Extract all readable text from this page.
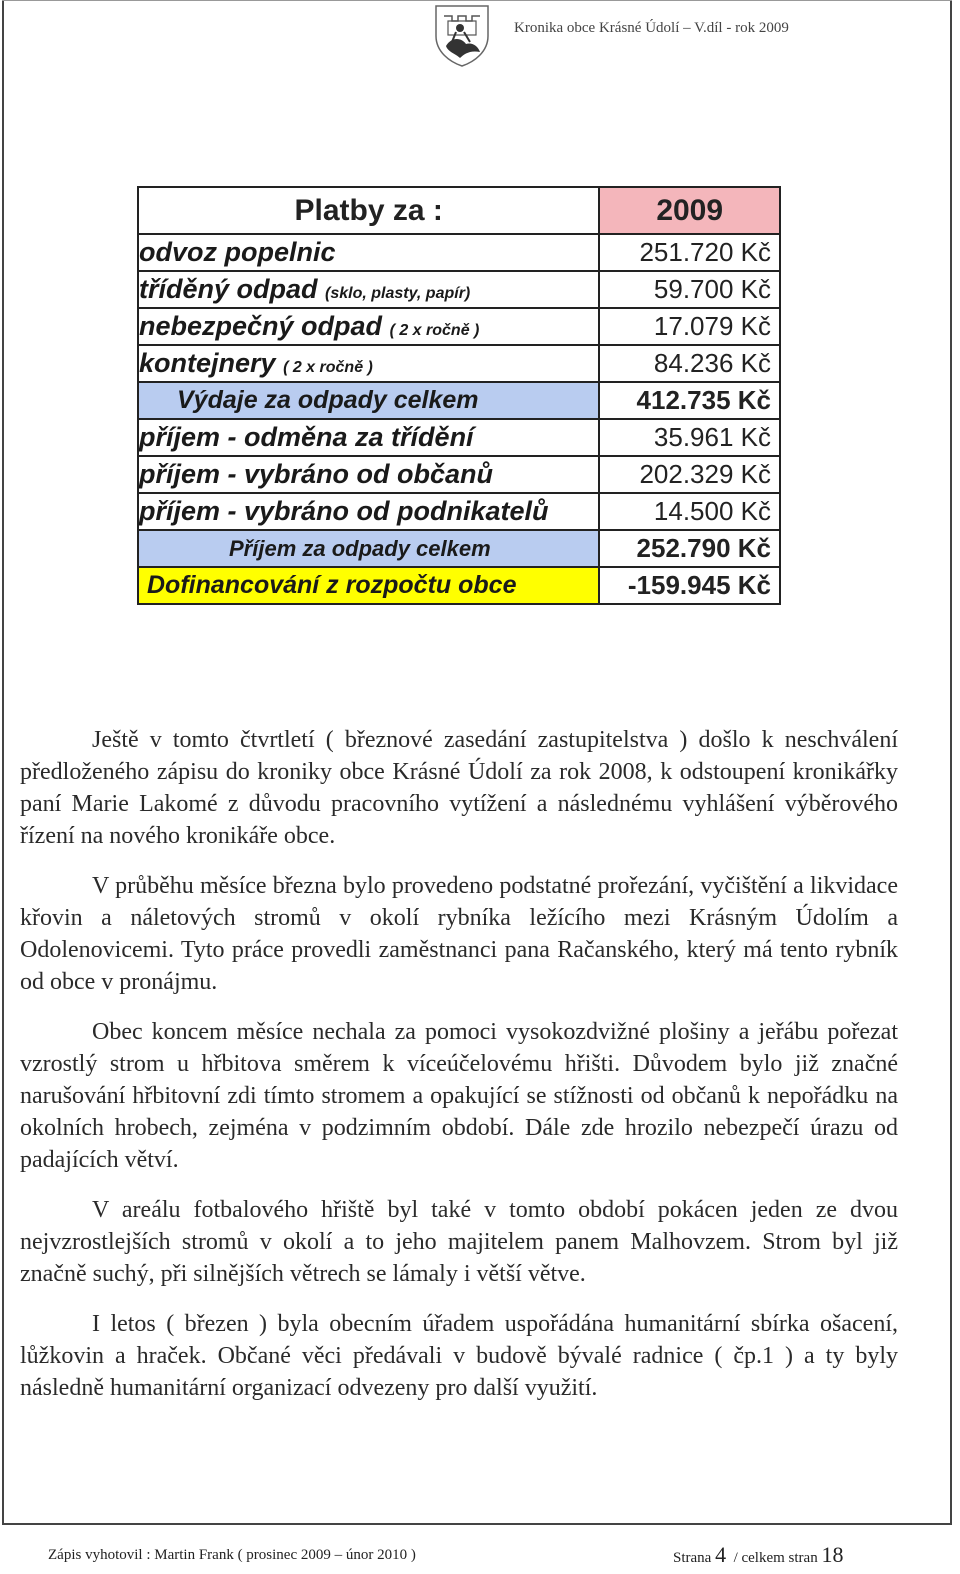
Kronika obce Krásné Údolí – V.díl - rok 2009
Platby za :	2009
odvoz popelnic	251.720 Kč
tříděný odpad (sklo, plasty, papír)	59.700 Kč
nebezpečný odpad ( 2 x ročně )	17.079 Kč
kontejnery ( 2 x ročně )	84.236 Kč
Výdaje za odpady celkem	412.735 Kč
příjem - odměna za třídění	35.961 Kč
příjem - vybráno od občanů	202.329 Kč
příjem - vybráno od podnikatelů	14.500 Kč
Příjem za odpady celkem	252.790 Kč
Dofinancování z rozpočtu obce	-159.945 Kč

Ještě v tomto čtvrtletí ( březnové zasedání zastupitelstva ) došlo k neschválení předloženého zápisu do kroniky obce Krásné Údolí za rok 2008, k odstoupení kronikářky paní Marie Lakomé z důvodu pracovního vytížení a následnému vyhlášení výběrového řízení na nového kronikáře obce.

V průběhu měsíce března bylo provedeno podstatné prořezání, vyčištění a likvidace křovin a náletových stromů v okolí rybníka ležícího mezi Krásným Údolím a Odolenovicemi. Tyto práce provedli zaměstnanci pana Račanského, který má tento rybník od obce v pronájmu.

Obec koncem měsíce nechala za pomoci vysokozdvižné plošiny a jeřábu pořezat vzrostlý strom u hřbitova směrem k víceúčelovému hřišti. Důvodem bylo již značné narušování hřbitovní zdi tímto stromem a opakující se stížnosti od občanů k nepořádku na okolních hrobech, zejména v podzimním období. Dále zde hrozilo nebezpečí úrazu od padajících větví.

V areálu fotbalového hřiště byl také v tomto období pokácen jeden ze dvou nejvzrostlejších stromů v okolí a to jeho majitelem panem Malhovzem. Strom byl již značně suchý, při silnějších větrech se lámaly i větší větve.

I letos ( březen ) byla obecním úřadem uspořádána humanitární sbírka ošacení, lůžkovin a hraček. Občané věci předávali v budově bývalé radnice ( čp.1 ) a ty byly následně humanitární organizací odvezeny pro další využití.

Zápis vyhotovil : Martin Frank ( prosinec 2009 – únor 2010 )	Strana 4 / celkem stran 18
